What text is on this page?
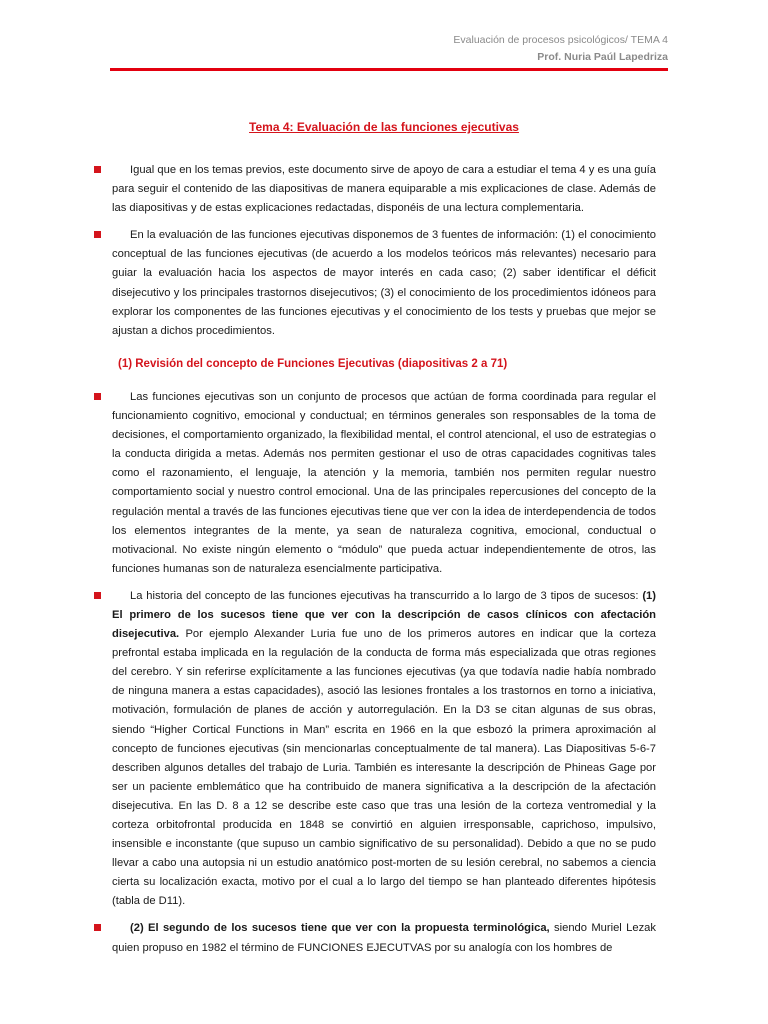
Evaluación de procesos psicológicos/ TEMA 4
Prof. Nuria Paúl Lapedriza
Tema 4: Evaluación de las funciones ejecutivas

Igual que en los temas previos, este documento sirve de apoyo de cara a estudiar el tema 4 y es una guía para seguir el contenido de las diapositivas de manera equiparable a mis explicaciones de clase. Además de las diapositivas y de estas explicaciones redactadas, disponéis de una lectura complementaria.

En la evaluación de las funciones ejecutivas disponemos de 3 fuentes de información: (1) el conocimiento conceptual de las funciones ejecutivas (de acuerdo a los modelos teóricos más relevantes) necesario para guiar la evaluación hacia los aspectos de mayor interés en cada caso; (2) saber identificar el déficit disejecutivo y los principales trastornos disejecutivos; (3) el conocimiento de los procedimientos idóneos para explorar los componentes de las funciones ejecutivas y el conocimiento de los tests y pruebas que mejor se ajustan a dichos procedimientos.

(1) Revisión del concepto de Funciones Ejecutivas (diapositivas 2 a 71)

Las funciones ejecutivas son un conjunto de procesos que actúan de forma coordinada para regular el funcionamiento cognitivo, emocional y conductual; en términos generales son responsables de la toma de decisiones, el comportamiento organizado, la flexibilidad mental, el control atencional, el uso de estrategias o la conducta dirigida a metas. Además nos permiten gestionar el uso de otras capacidades cognitivas tales como el razonamiento, el lenguaje, la atención y la memoria, también nos permiten regular nuestro comportamiento social y nuestro control emocional. Una de las principales repercusiones del concepto de la regulación mental a través de las funciones ejecutivas tiene que ver con la idea de interdependencia de todos los elementos integrantes de la mente, ya sean de naturaleza cognitiva, emocional, conductual o motivacional. No existe ningún elemento o “módulo” que pueda actuar independientemente de otros, las funciones humanas son de naturaleza esencialmente participativa.

La historia del concepto de las funciones ejecutivas ha transcurrido a lo largo de 3 tipos de sucesos: (1) El primero de los sucesos tiene que ver con la descripción de casos clínicos con afectación disejecutiva. Por ejemplo Alexander Luria fue uno de los primeros autores en indicar que la corteza prefrontal estaba implicada en la regulación de la conducta de forma más especializada que otras regiones del cerebro. Y sin referirse explícitamente a las funciones ejecutivas (ya que todavía nadie había nombrado de ninguna manera a estas capacidades), asoció las lesiones frontales a los trastornos en torno a iniciativa, motivación, formulación de planes de acción y autorregulación. En la D3 se citan algunas de sus obras, siendo “Higher Cortical Functions in Man” escrita en 1966 en la que esbozó la primera aproximación al concepto de funciones ejecutivas (sin mencionarlas conceptualmente de tal manera). Las Diapositivas 5-6-7 describen algunos detalles del trabajo de Luria. También es interesante la descripción de Phineas Gage por ser un paciente emblemático que ha contribuido de manera significativa a la descripción de la afectación disejecutiva. En las D. 8 a 12 se describe este caso que tras una lesión de la corteza ventromedial y la corteza orbitofrontal producida en 1848 se convirtió en alguien irresponsable, caprichoso, impulsivo, insensible e inconstante (que supuso un cambio significativo de su personalidad). Debido a que no se pudo llevar a cabo una autopsia ni un estudio anatómico post-morten de su lesión cerebral, no sabemos a ciencia cierta su localización exacta, motivo por el cual a lo largo del tiempo se han planteado diferentes hipótesis (tabla de D11).

(2) El segundo de los sucesos tiene que ver con la propuesta terminológica, siendo Muriel Lezak quien propuso en 1982 el término de FUNCIONES EJECUTVAS por su analogía con los hombres de
